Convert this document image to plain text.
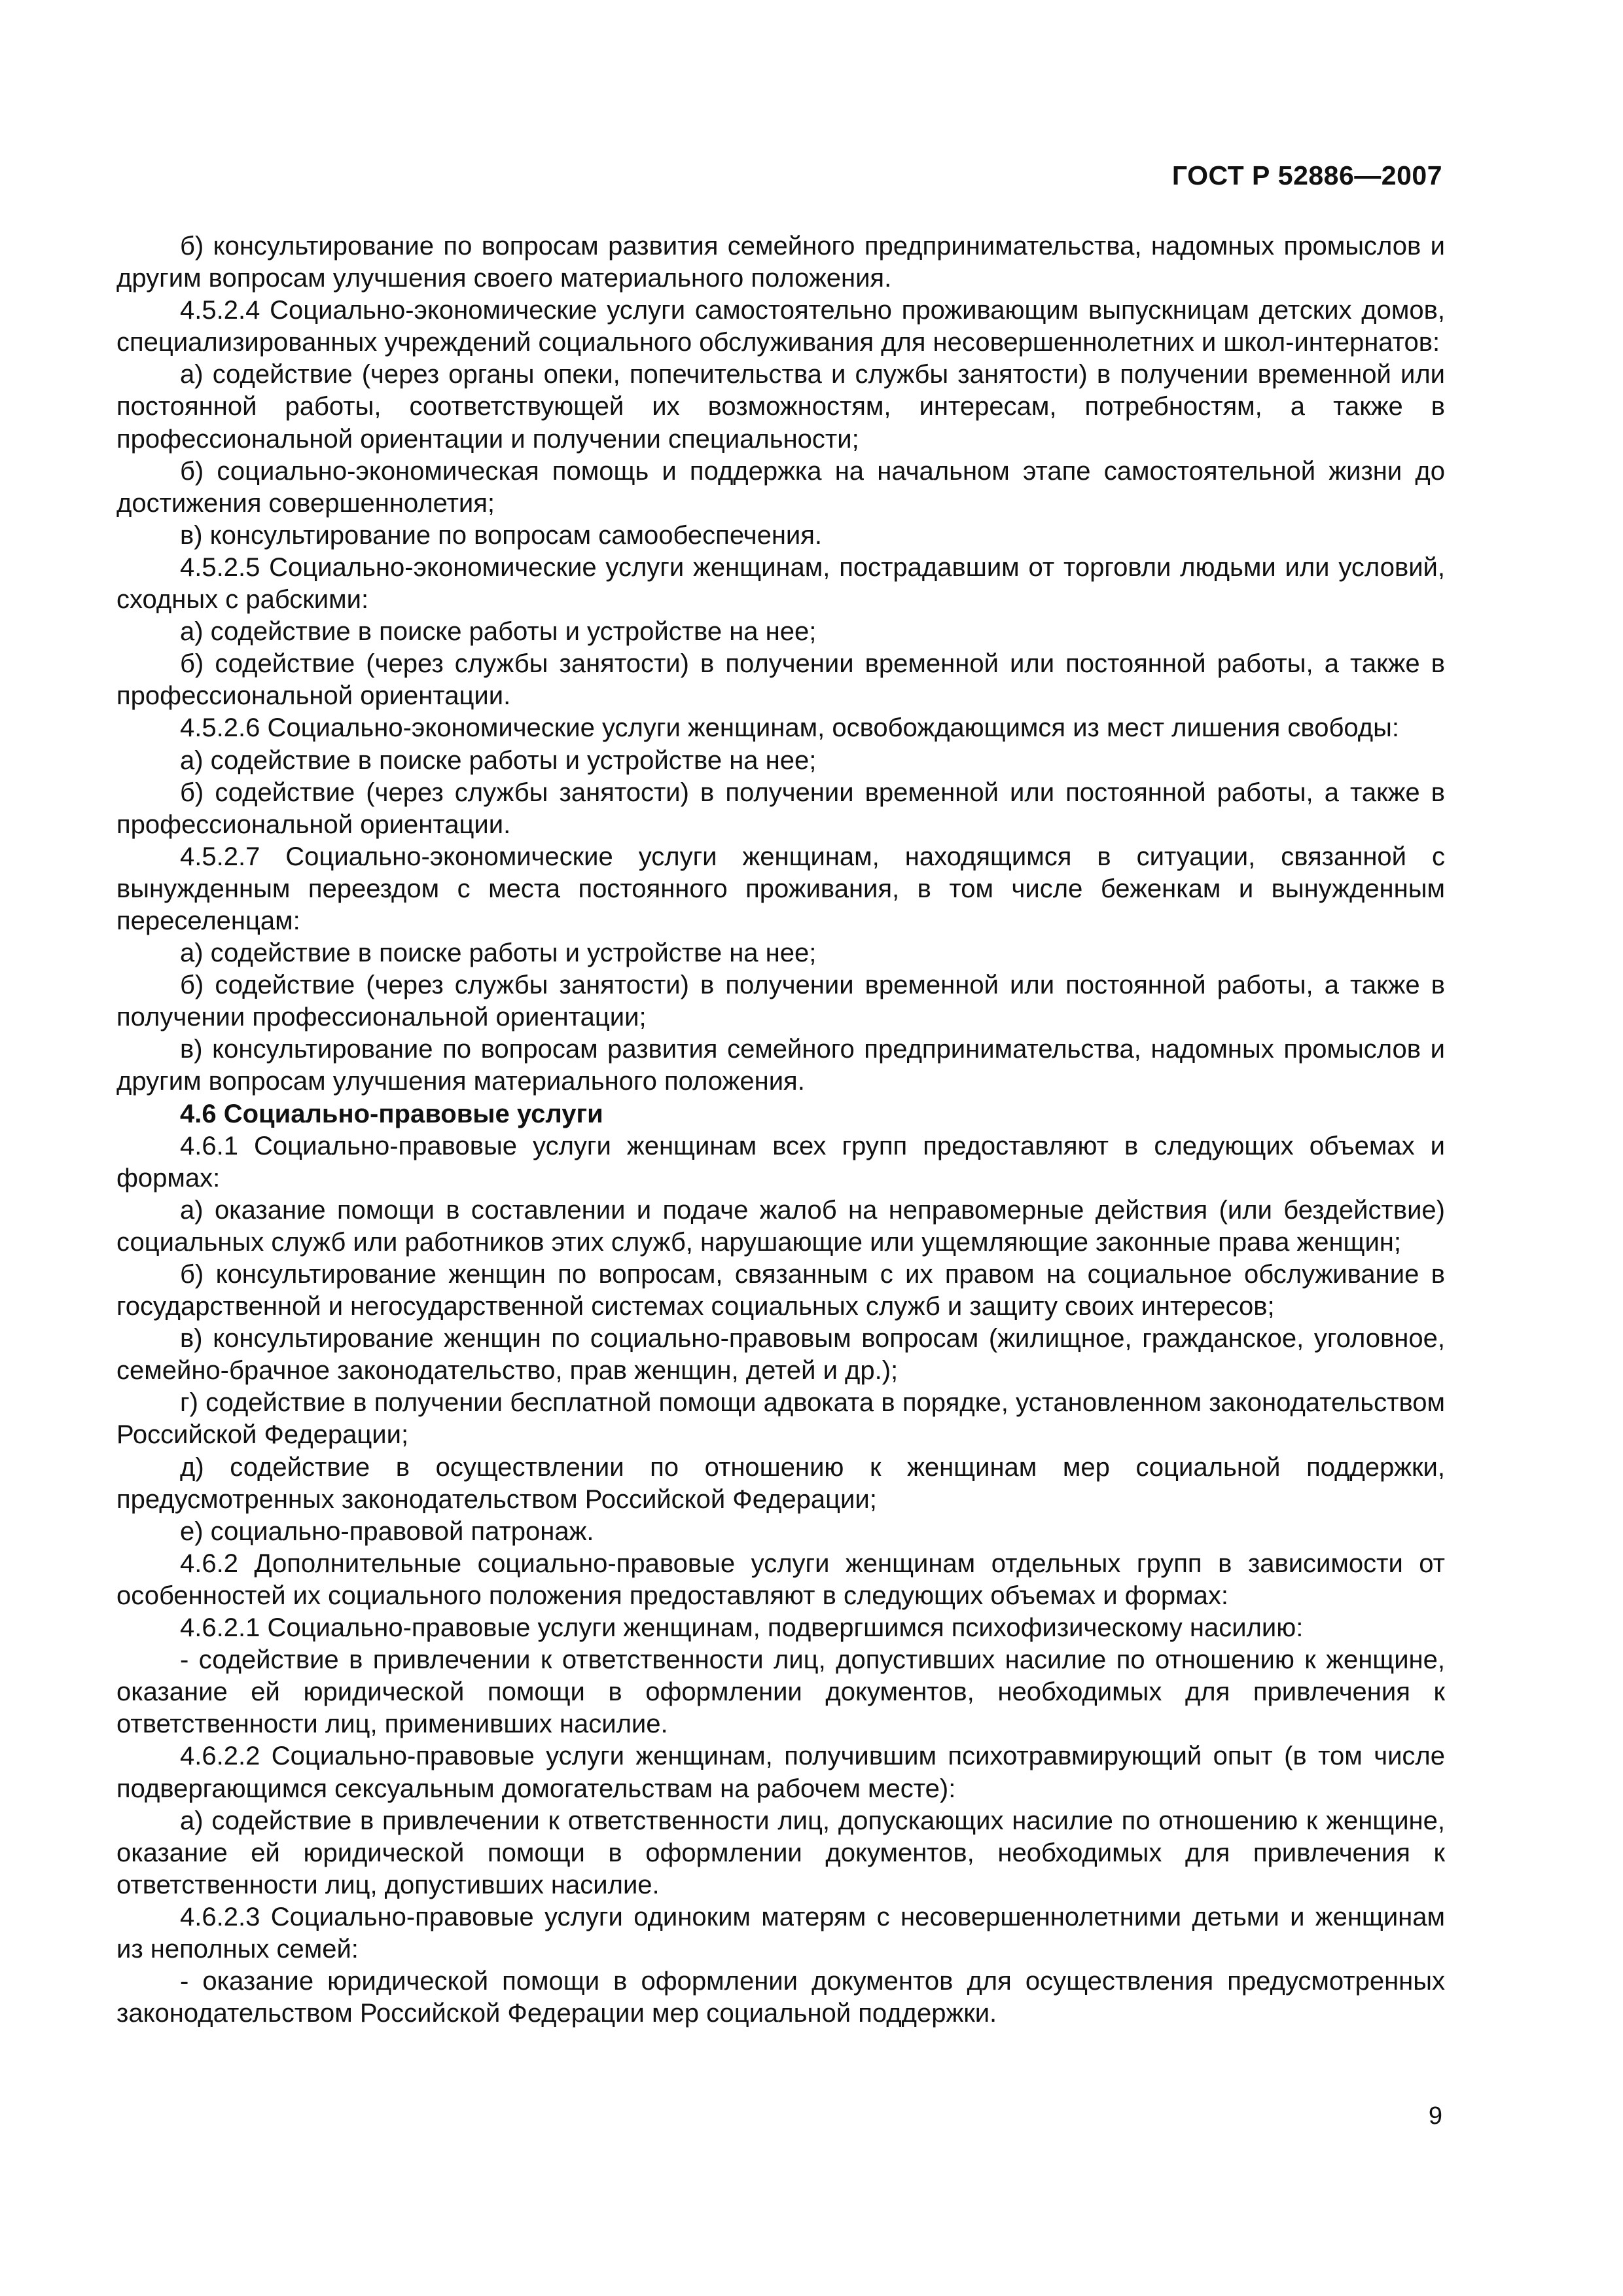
ГОСТ Р 52886—2007

б) консультирование по вопросам развития семейного предпринимательства, надомных промыслов и другим вопросам улучшения своего материального положения.

4.5.2.4 Социально-экономические услуги самостоятельно проживающим выпускницам детских домов, специализированных учреждений социального обслуживания для несовершеннолетних и школ-интернатов:

а) содействие (через органы опеки, попечительства и службы занятости) в получении временной или постоянной работы, соответствующей их возможностям, интересам, потребностям, а также в профессиональной ориентации и получении специальности;

б) социально-экономическая помощь и поддержка на начальном этапе самостоятельной жизни до достижения совершеннолетия;

в) консультирование по вопросам самообеспечения.

4.5.2.5 Социально-экономические услуги женщинам, пострадавшим от торговли людьми или условий, сходных с рабскими:

а) содействие в поиске работы и устройстве на нее;

б) содействие (через службы занятости) в получении временной или постоянной работы, а также в профессиональной ориентации.

4.5.2.6 Социально-экономические услуги женщинам, освобождающимся из мест лишения свободы:

а) содействие в поиске работы и устройстве на нее;

б) содействие (через службы занятости) в получении временной или постоянной работы, а также в профессиональной ориентации.

4.5.2.7 Социально-экономические услуги женщинам, находящимся в ситуации, связанной с вынужденным переездом с места постоянного проживания, в том числе беженкам и вынужденным переселенцам:

а) содействие в поиске работы и устройстве на нее;

б) содействие (через службы занятости) в получении временной или постоянной работы, а также в получении профессиональной ориентации;

в) консультирование по вопросам развития семейного предпринимательства, надомных промыслов и другим вопросам улучшения материального положения.

4.6 Социально-правовые услуги

4.6.1 Социально-правовые услуги женщинам всех групп предоставляют в следующих объемах и формах:

а) оказание помощи в составлении и подаче жалоб на неправомерные действия (или бездействие) социальных служб или работников этих служб, нарушающие или ущемляющие законные права женщин;

б) консультирование женщин по вопросам, связанным с их правом на социальное обслуживание в государственной и негосударственной системах социальных служб и защиту своих интересов;

в) консультирование женщин по социально-правовым вопросам (жилищное, гражданское, уголовное, семейно-брачное законодательство, прав женщин, детей и др.);

г) содействие в получении бесплатной помощи адвоката в порядке, установленном законодательством Российской Федерации;

д) содействие в осуществлении по отношению к женщинам мер социальной поддержки, предусмотренных законодательством Российской Федерации;

е) социально-правовой патронаж.

4.6.2 Дополнительные социально-правовые услуги женщинам отдельных групп в зависимости от особенностей их социального положения предоставляют в следующих объемах и формах:

4.6.2.1 Социально-правовые услуги женщинам, подвергшимся психофизическому насилию:

- содействие в привлечении к ответственности лиц, допустивших насилие по отношению к женщине, оказание ей юридической помощи в оформлении документов, необходимых для привлечения к ответственности лиц, применивших насилие.

4.6.2.2 Социально-правовые услуги женщинам, получившим психотравмирующий опыт (в том числе подвергающимся сексуальным домогательствам на рабочем месте):

а) содействие в привлечении к ответственности лиц, допускающих насилие по отношению к женщине, оказание ей юридической помощи в оформлении документов, необходимых для привлечения к ответственности лиц, допустивших насилие.

4.6.2.3 Социально-правовые услуги одиноким матерям с несовершеннолетними детьми и женщинам из неполных семей:

- оказание юридической помощи в оформлении документов для осуществления предусмотренных законодательством Российской Федерации мер социальной поддержки.

9
